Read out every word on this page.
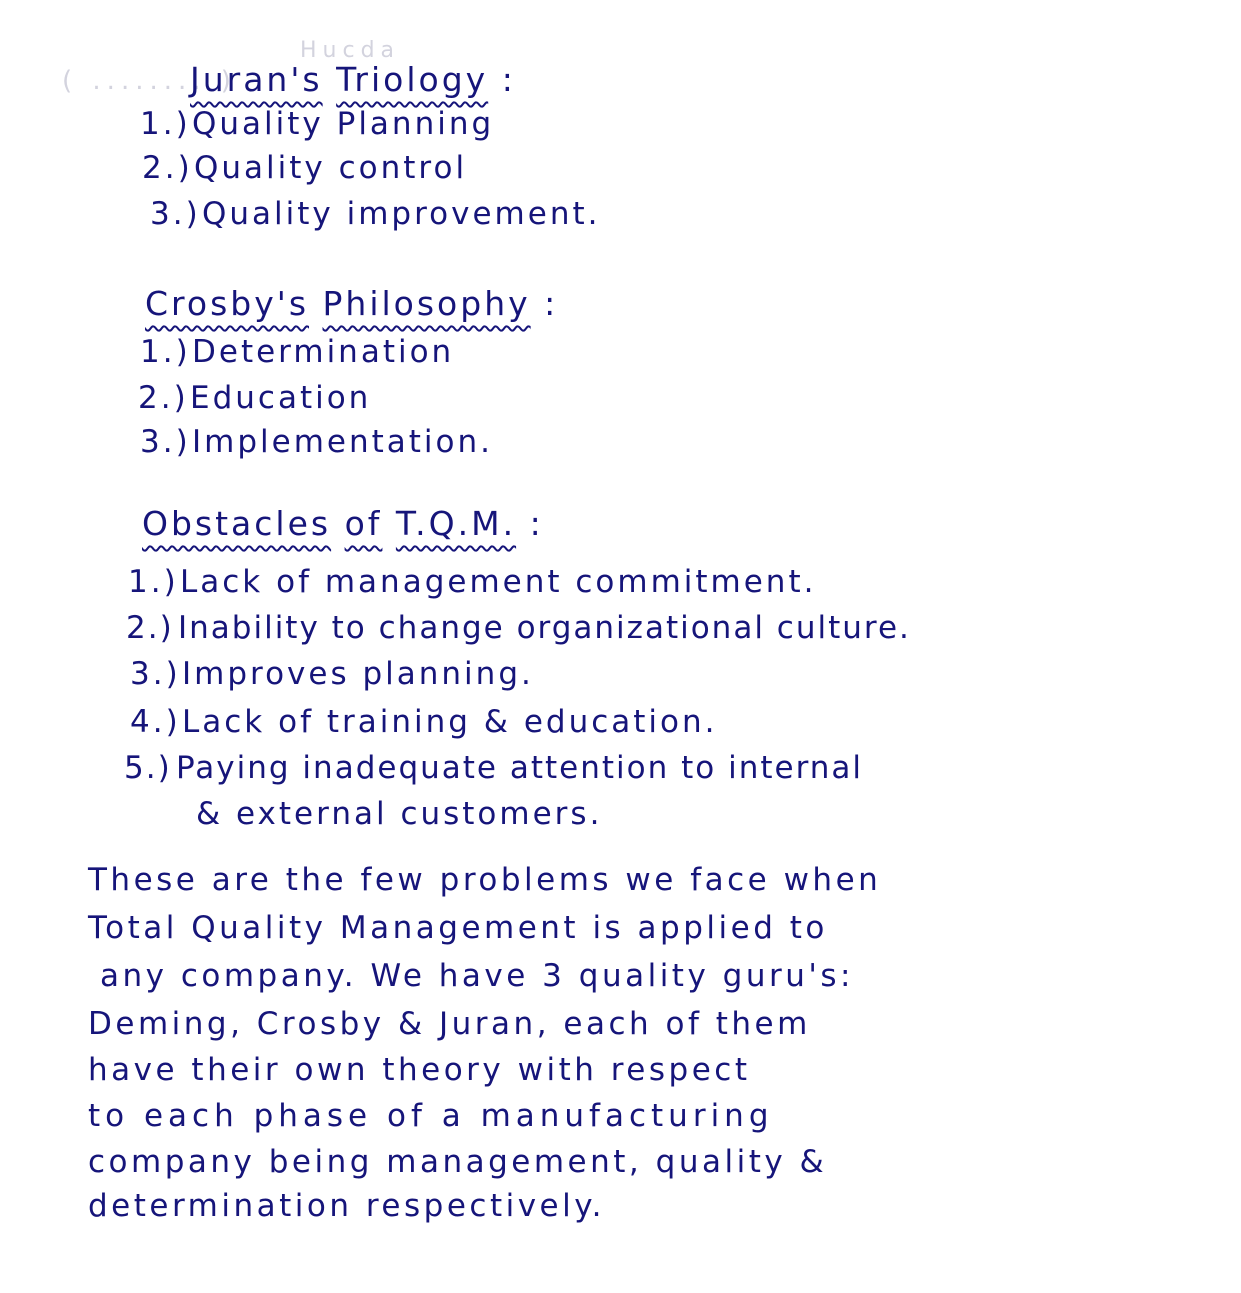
Hucda
( ........ )
Juran's Triology :
1.)Quality Planning
2.)Quality control
3.)Quality improvement.
Crosby's Philosophy :
1.)Determination
2.)Education
3.)Implementation.
Obstacles of T.Q.M. :
1.)Lack of management commitment.
2.) Inability to change organizational culture.
3.)Improves planning.
4.)Lack of training & education.
5.) Paying inadequate attention to internal
& external customers.
These are the few problems we face when
Total Quality Management is applied to
any company. We have 3 quality guru's:
Deming, Crosby & Juran, each of them
have their own theory with respect
to each phase of a manufacturing
company being management, quality &
determination respectively.
